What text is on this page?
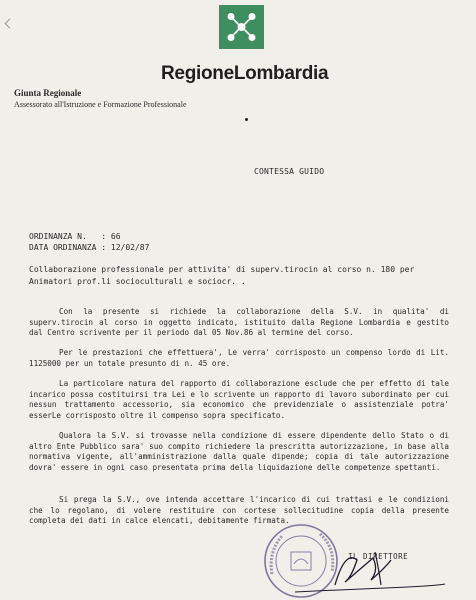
RegioneLombardia
Giunta Regionale
Assessorato all'Istruzione e Formazione Professionale
CONTESSA GUIDO
ORDINANZA N.   : 66
DATA ORDINANZA : 12/02/87
Collaborazione professionale per attivita' di superv.tirocin al corso n. 180 per Animatori prof.li socioculturali e sociocr. .
Con la presente si richiede la collaborazione della S.V. in qualita' di superv.tirocin al corso in oggetto indicato, istituito dalla Regione Lombardia e gestito dal Centro scrivente per il periodo dal 05 Nov.86 al termine del corso.
Per le prestazioni che effettuera', Le verra' corrisposto un compenso lordo di Lit. 1125000 per un totale presunto di n. 45 ore.
La particolare natura del rapporto di collaborazione esclude che per effetto di tale incarico possa costituirsi tra Lei e lo scrivente un rapporto di lavoro subordinato per cui nessun trattamento accessorio, sia economico che previdenziale o assistenziale potra' esserLe corrisposto oltre il compenso sopra specificato.
Qualora la S.V. si trovasse nella condizione di essere dipendente dello Stato o di altro Ente Pubblico sara' suo compito richiedere la prescritta autorizzazione, in base alla normativa vigente, all'amministrazione dalla quale dipende; copia di tale autorizzazione dovra' essere in ogni caso presentata prima della liquidazione delle competenze spettanti.
Si prega la S.V., ove intenda accettare l'incarico di cui trattasi e le condizioni che lo regolano, di volere restituire con cortese sollecitudine copia della presente completa dei dati in calce elencati, debitamente firmata.
IL DIRETTORE
